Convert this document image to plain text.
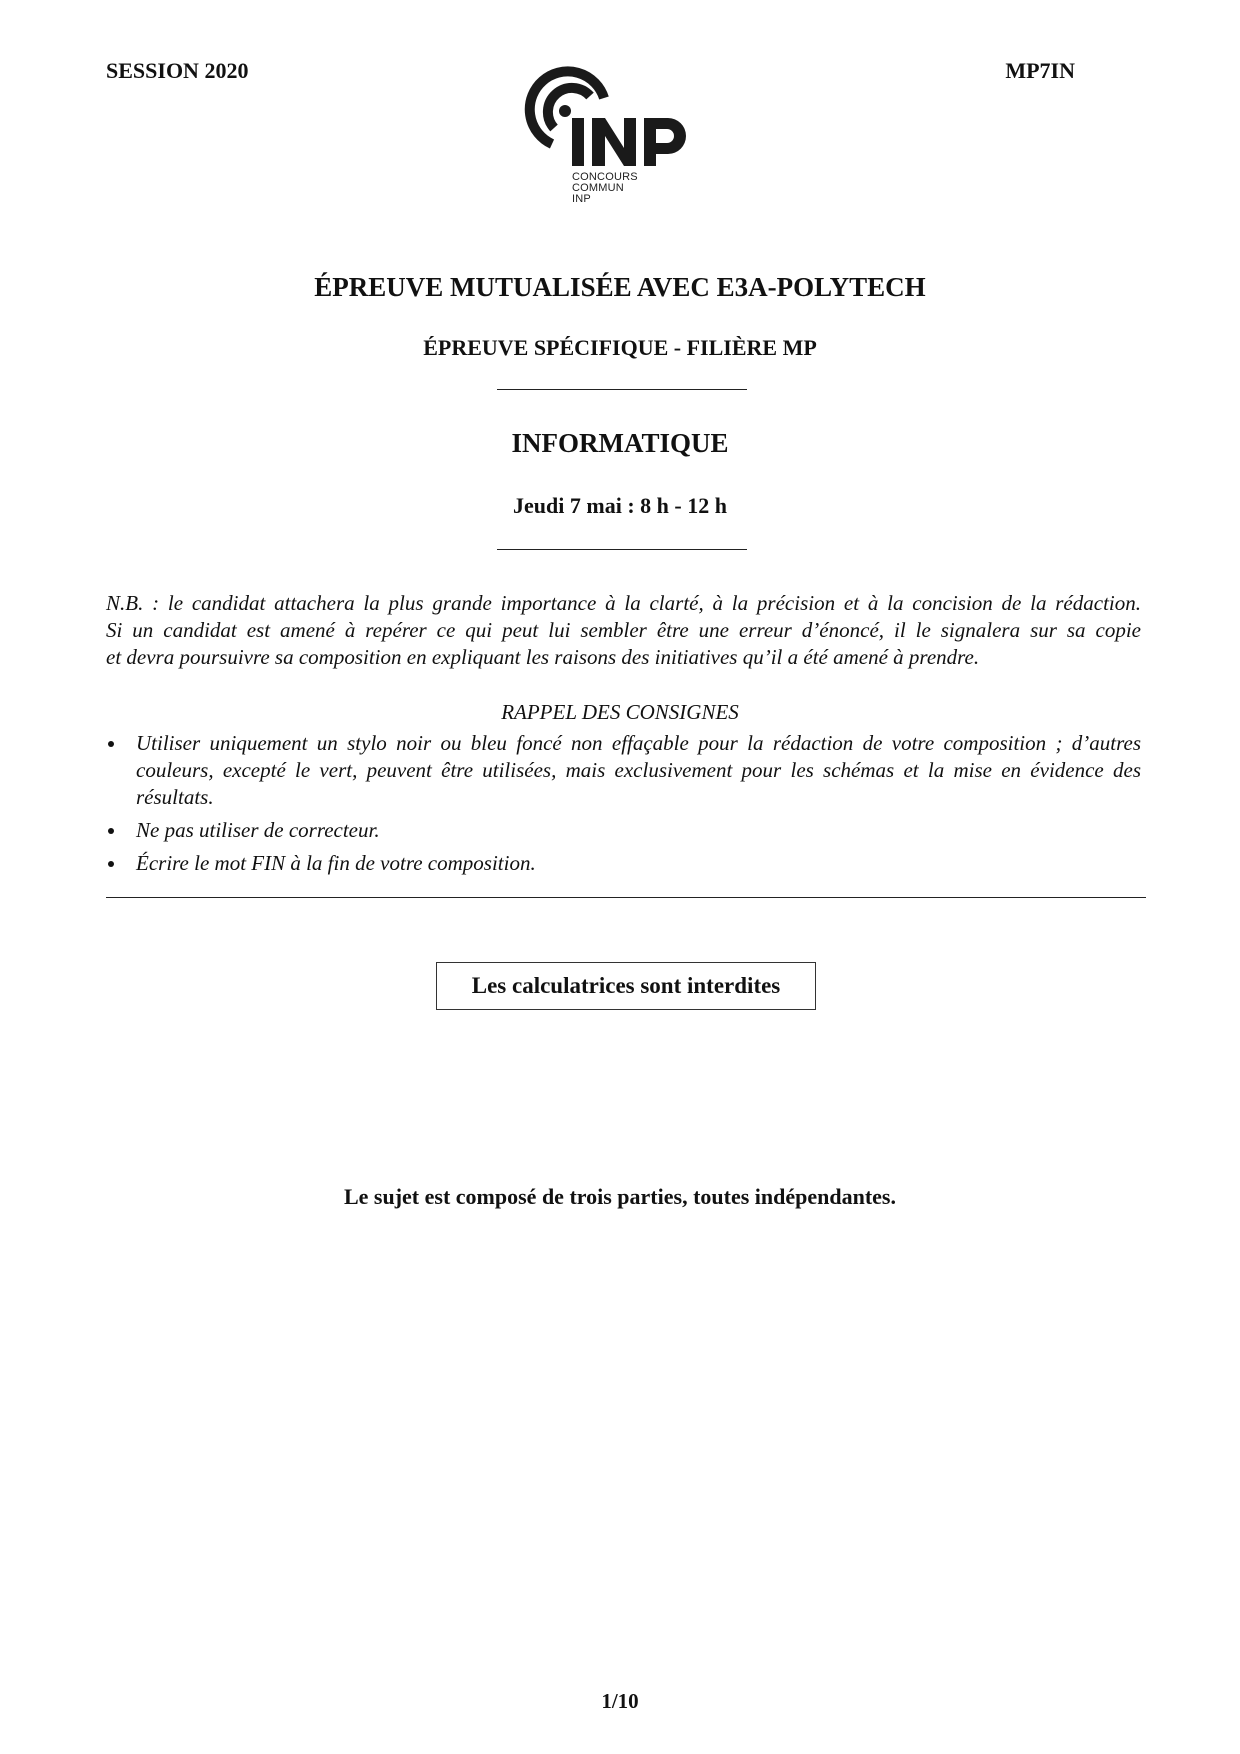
SESSION 2020	MP7IN
CONCOURS
COMMUN
INP
ÉPREUVE MUTUALISÉE AVEC E3A-POLYTECH
ÉPREUVE SPÉCIFIQUE - FILIÈRE MP
INFORMATIQUE
Jeudi 7 mai : 8 h - 12 h
N.B. : le candidat attachera la plus grande importance à la clarté, à la précision et à la concision de la rédaction.
Si un candidat est amené à repérer ce qui peut lui sembler être une erreur d’énoncé, il le signalera sur sa copie
et devra poursuivre sa composition en expliquant les raisons des initiatives qu’il a été amené à prendre.
RAPPEL DES CONSIGNES
Utiliser uniquement un stylo noir ou bleu foncé non effaçable pour la rédaction de votre composition ; d’autres couleurs, excepté le vert, peuvent être utilisées, mais exclusivement pour les schémas et la mise en évidence des résultats.
Ne pas utiliser de correcteur.
Écrire le mot FIN à la fin de votre composition.
Les calculatrices sont interdites
Le sujet est composé de trois parties, toutes indépendantes.
1/10
